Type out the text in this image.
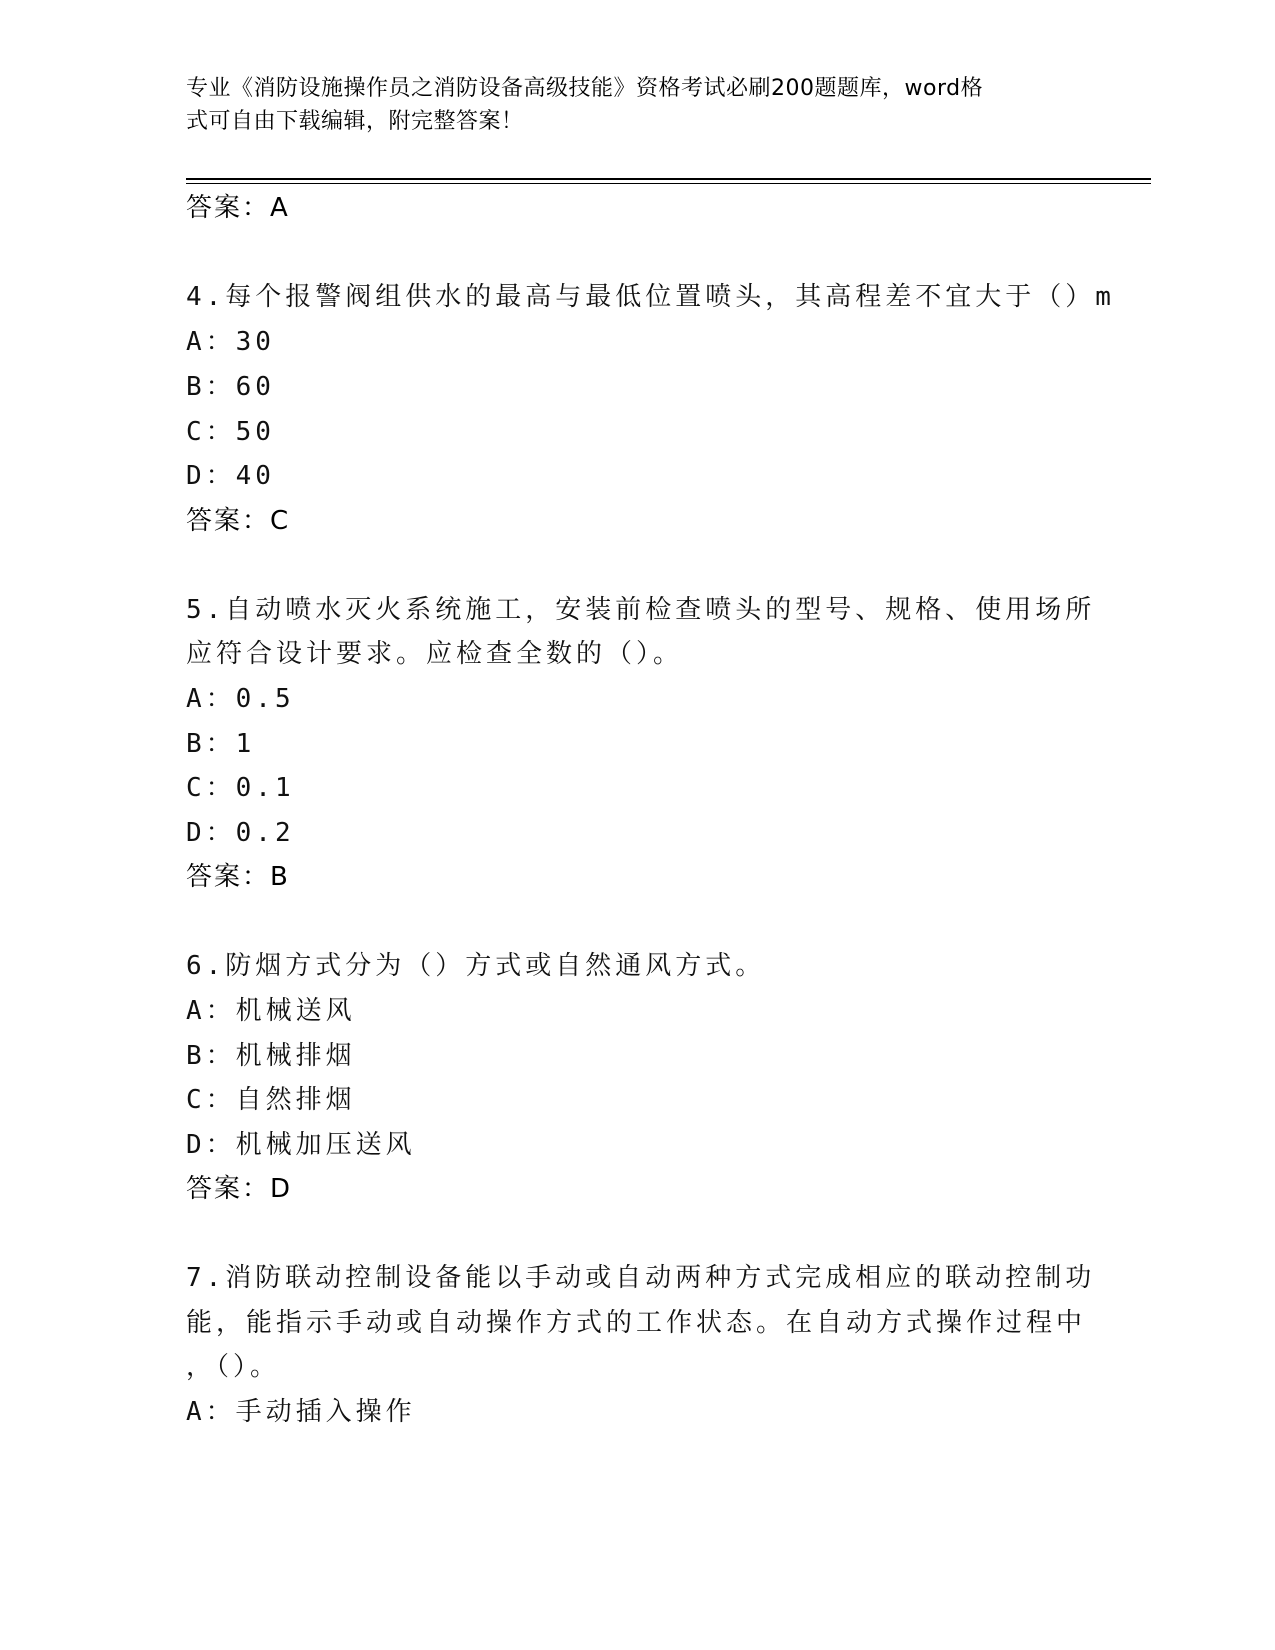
专业《消防设施操作员之消防设备高级技能》资格考试必刷200题题库，word格
式可自由下载编辑，附完整答案！
答案：A
4.每个报警阀组供水的最高与最低位置喷头，其高程差不宜大于（）m
A：30
B：60
C：50
D：40
答案：C
5.自动喷水灭火系统施工，安装前检查喷头的型号、规格、使用场所
应符合设计要求。应检查全数的（）。
A：0.5
B：1
C：0.1
D：0.2
答案：B
6.防烟方式分为（）方式或自然通风方式。
A：机械送风
B：机械排烟
C：自然排烟
D：机械加压送风
答案：D
7.消防联动控制设备能以手动或自动两种方式完成相应的联动控制功
能，能指示手动或自动操作方式的工作状态。在自动方式操作过程中
，（）。
A：手动插入操作
